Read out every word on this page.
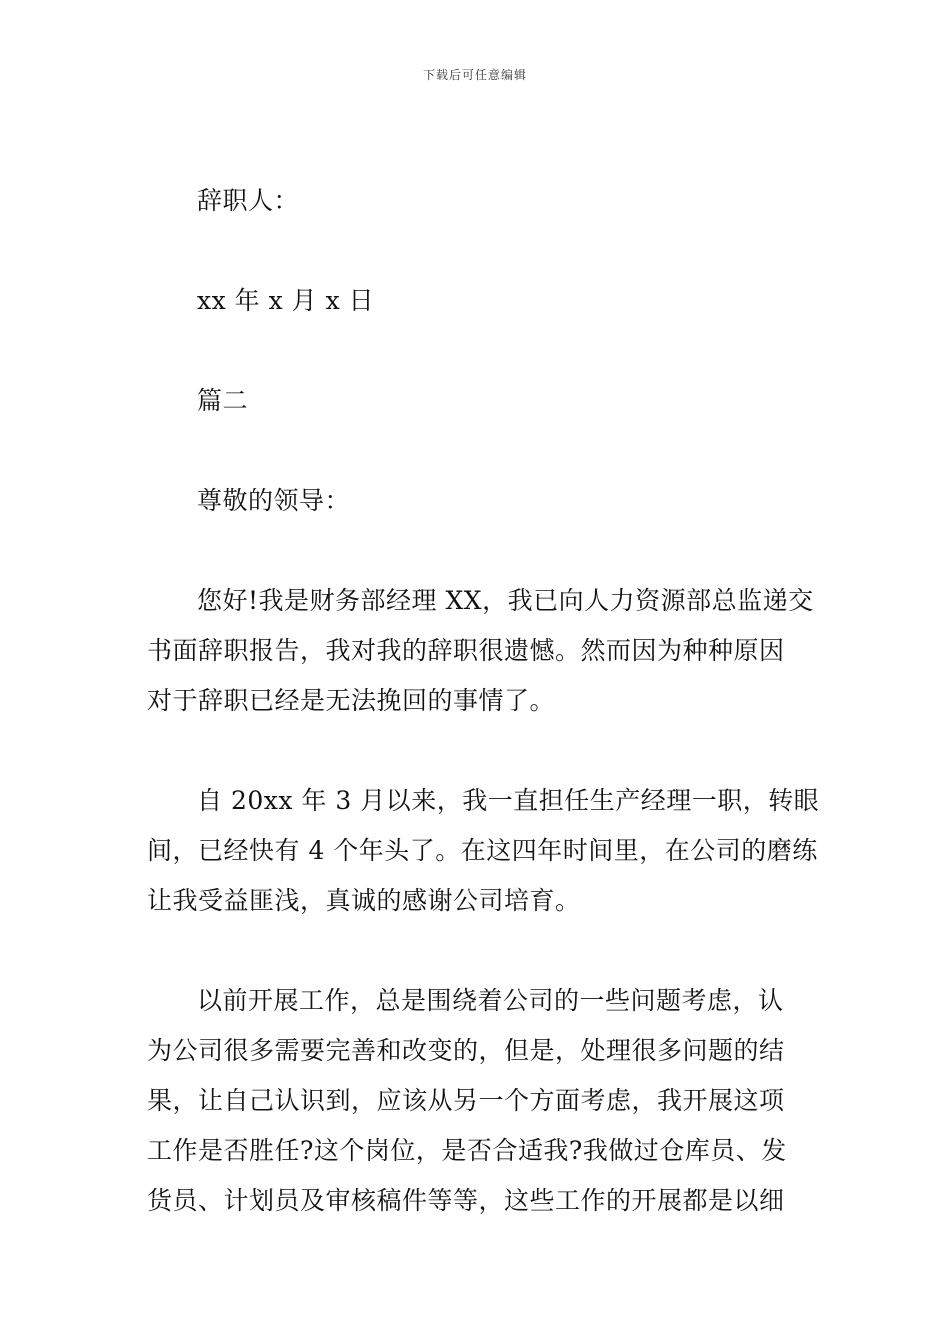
下载后可任意编辑
辞职人：
xx 年 x 月 x 日
篇二
尊敬的领导：
您好!我是财务部经理 XX，我已向人力资源部总监递交
书面辞职报告，我对我的辞职很遗憾。然而因为种种原因
对于辞职已经是无法挽回的事情了。
自 20xx 年 3 月以来，我一直担任生产经理一职，转眼
间，已经快有 4 个年头了。在这四年时间里，在公司的磨练
让我受益匪浅，真诚的感谢公司培育。
以前开展工作，总是围绕着公司的一些问题考虑，认
为公司很多需要完善和改变的，但是，处理很多问题的结
果，让自己认识到，应该从另一个方面考虑，我开展这项
工作是否胜任?这个岗位，是否合适我?我做过仓库员、发
货员、计划员及审核稿件等等，这些工作的开展都是以细
